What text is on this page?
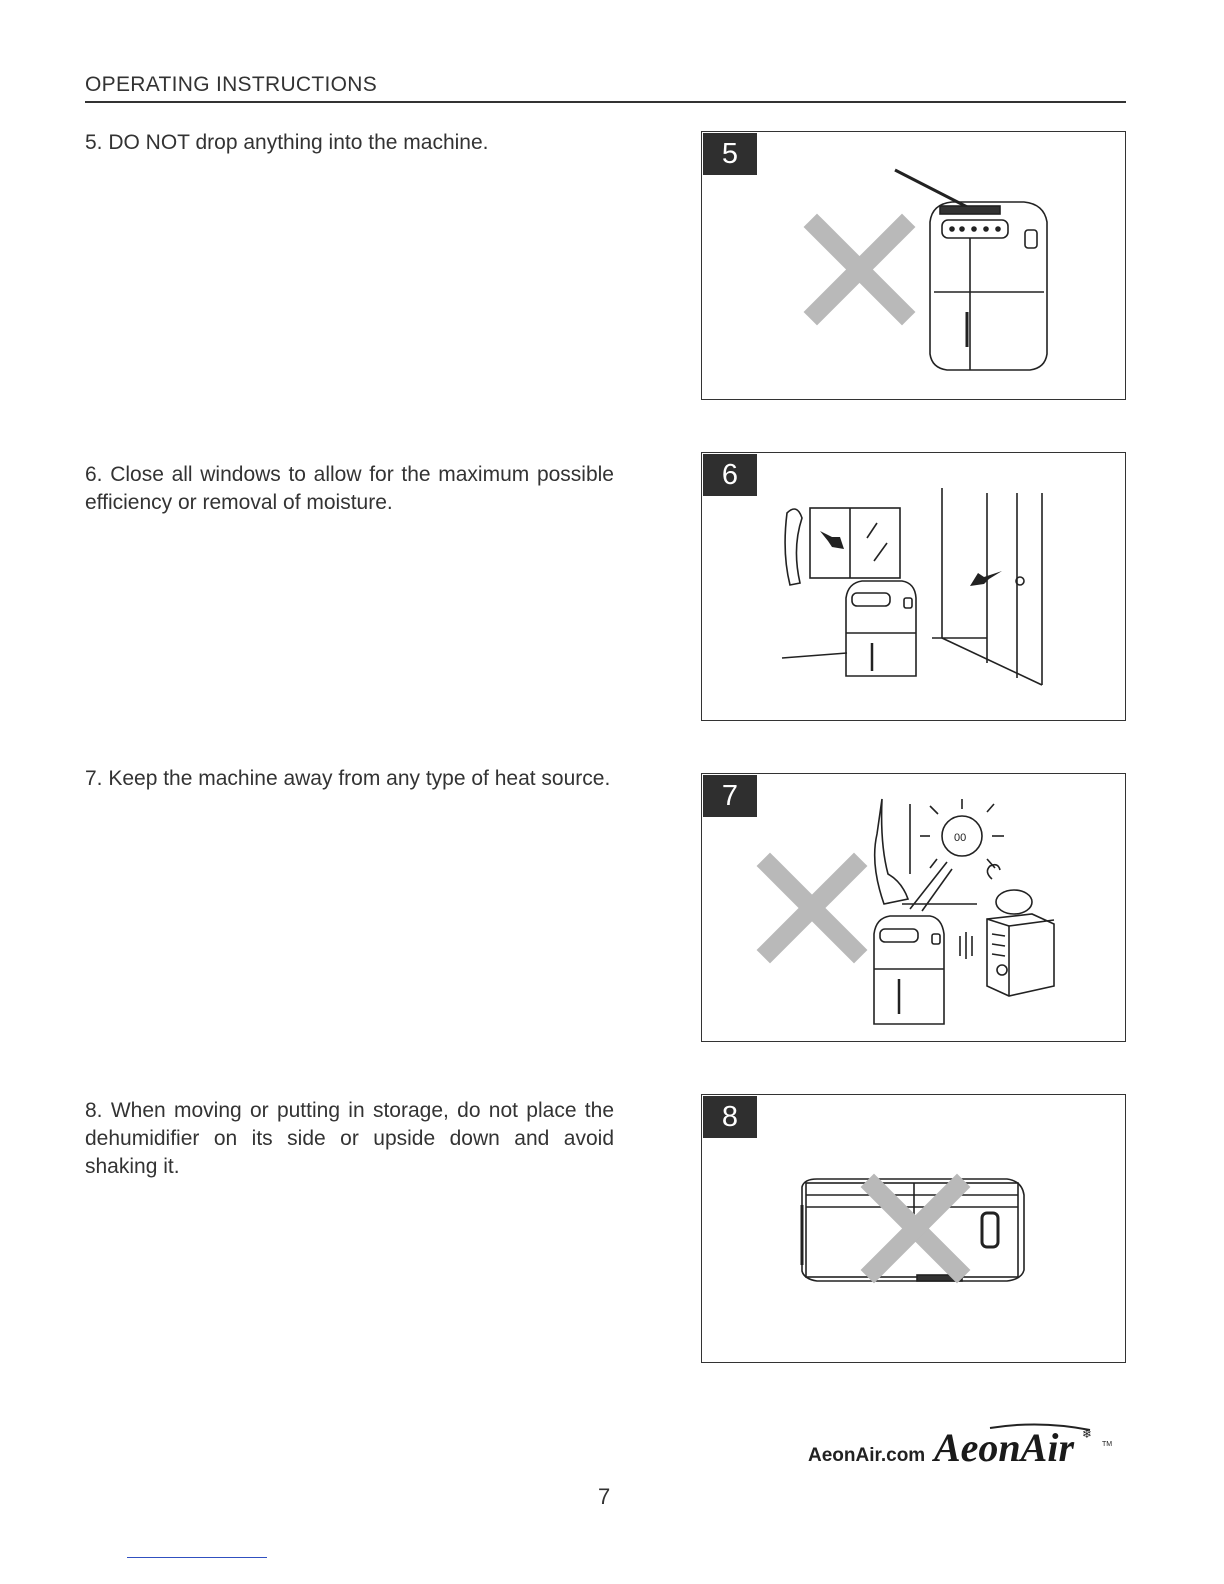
OPERATING INSTRUCTIONS
5. DO NOT drop anything into the machine.	5
6. Close all windows to allow for the maximum possible efficiency or removal of moisture.
6
7. Keep the machine away from any type of heat source.
7
00
8. When moving or putting in storage, do not place the dehumidifier on its side or upside down and avoid shaking it.
8
AeonAir.com
❄
AeonAir	TM
7
